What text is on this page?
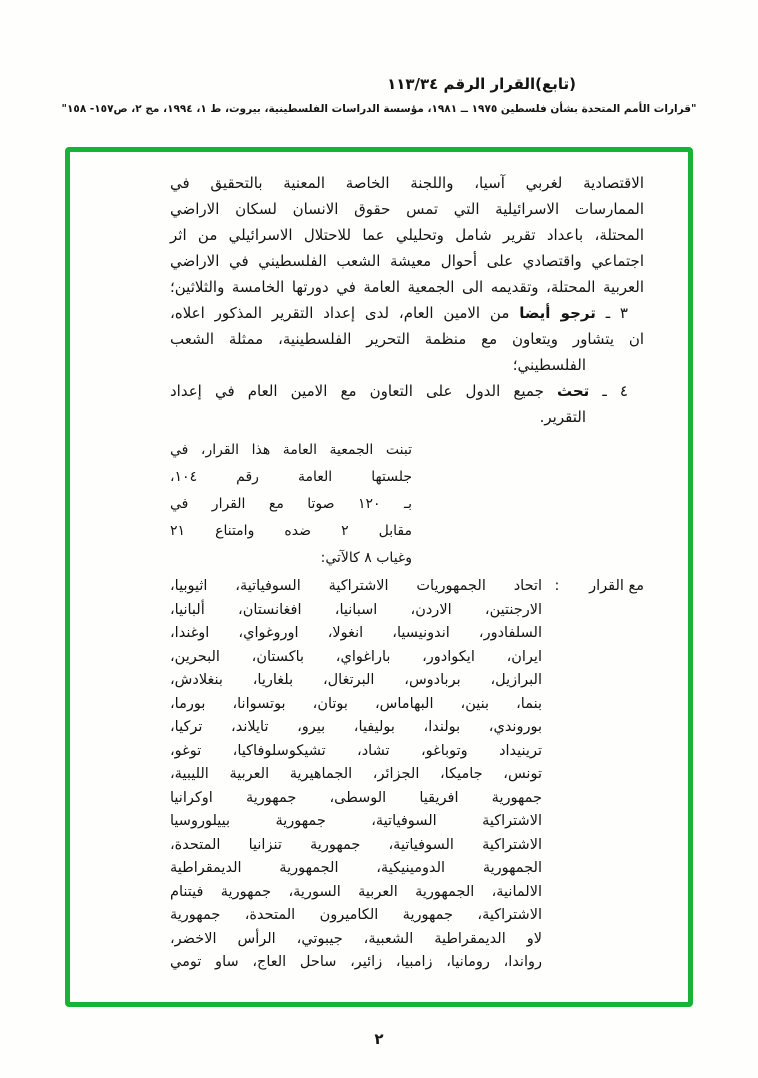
(تابع)القرار الرقم ١١٣/٣٤
"قرارات الأمم المتحدة بشأن فلسطين ١٩٧٥ ــ ١٩٨١، مؤسسة الدراسات الفلسطينية، بيروت، ط ١، ١٩٩٤، مج ٢، ص١٥٧- ١٥٨"
الاقتصادية لغربي آسيا، واللجنة الخاصة المعنية بالتحقيق في
الممارسات الاسرائيلية التي تمس حقوق الانسان لسكان الاراضي
المحتلة، باعداد تقرير شامل وتحليلي عما للاحتلال الاسرائيلي من اثر
اجتماعي واقتصادي على أحوال معيشة الشعب الفلسطيني في الاراضي
العربية المحتلة، وتقديمه الى الجمعية العامة في دورتها الخامسة والثلاثين؛
٣ ـ ترجو أيضا من الامين العام، لدى إعداد التقرير المذكور اعلاه،
ان يتشاور ويتعاون مع منظمة التحرير الفلسطينية، ممثلة الشعب
الفلسطيني؛
٤ ـ تحث جميع الدول على التعاون مع الامين العام في إعداد
التقرير.
تبنت الجمعية العامة هذا القرار، في
جلستها العامة رقم ١٠٤،
بـ ١٢٠ صوتا مع القرار في
مقابل ٢ ضده وامتناع ٢١
وغياب ٨ كالآتي:
مع القرار
:
اتحاد الجمهوريات الاشتراكية السوفياتية، اثيوبيا،
الارجنتين، الاردن، اسبانيا، افغانستان، ألبانيا،
السلفادور، اندونيسيا، انغولا، اوروغواي، اوغندا،
ايران، ايكوادور، باراغواي، باكستان، البحرين،
البرازيل، بربادوس، البرتغال، بلغاريا، بنغلادش،
بنما، بنين، البهاماس، بوتان، بوتسوانا، بورما،
بوروندي، بولندا، بوليفيا، بيرو، تايلاند، تركيا،
ترينيداد وتوباغو، تشاد، تشيكوسلوفاكيا، توغو،
تونس، جاميكا، الجزائر، الجماهيرية العربية الليبية،
جمهورية افريقيا الوسطى، جمهورية اوكرانيا
الاشتراكية السوفياتية، جمهورية بييلوروسيا
الاشتراكية السوفياتية، جمهورية تنزانيا المتحدة،
الجمهورية الدومينيكية، الجمهورية الديمقراطية
الالمانية، الجمهورية العربية السورية، جمهورية فيتنام
الاشتراكية، جمهورية الكاميرون المتحدة، جمهورية
لاو الديمقراطية الشعبية، جيبوتي، الرأس الاخضر،
رواندا، رومانيا، زامبيا، زائير، ساحل العاج، ساو تومي
٢
